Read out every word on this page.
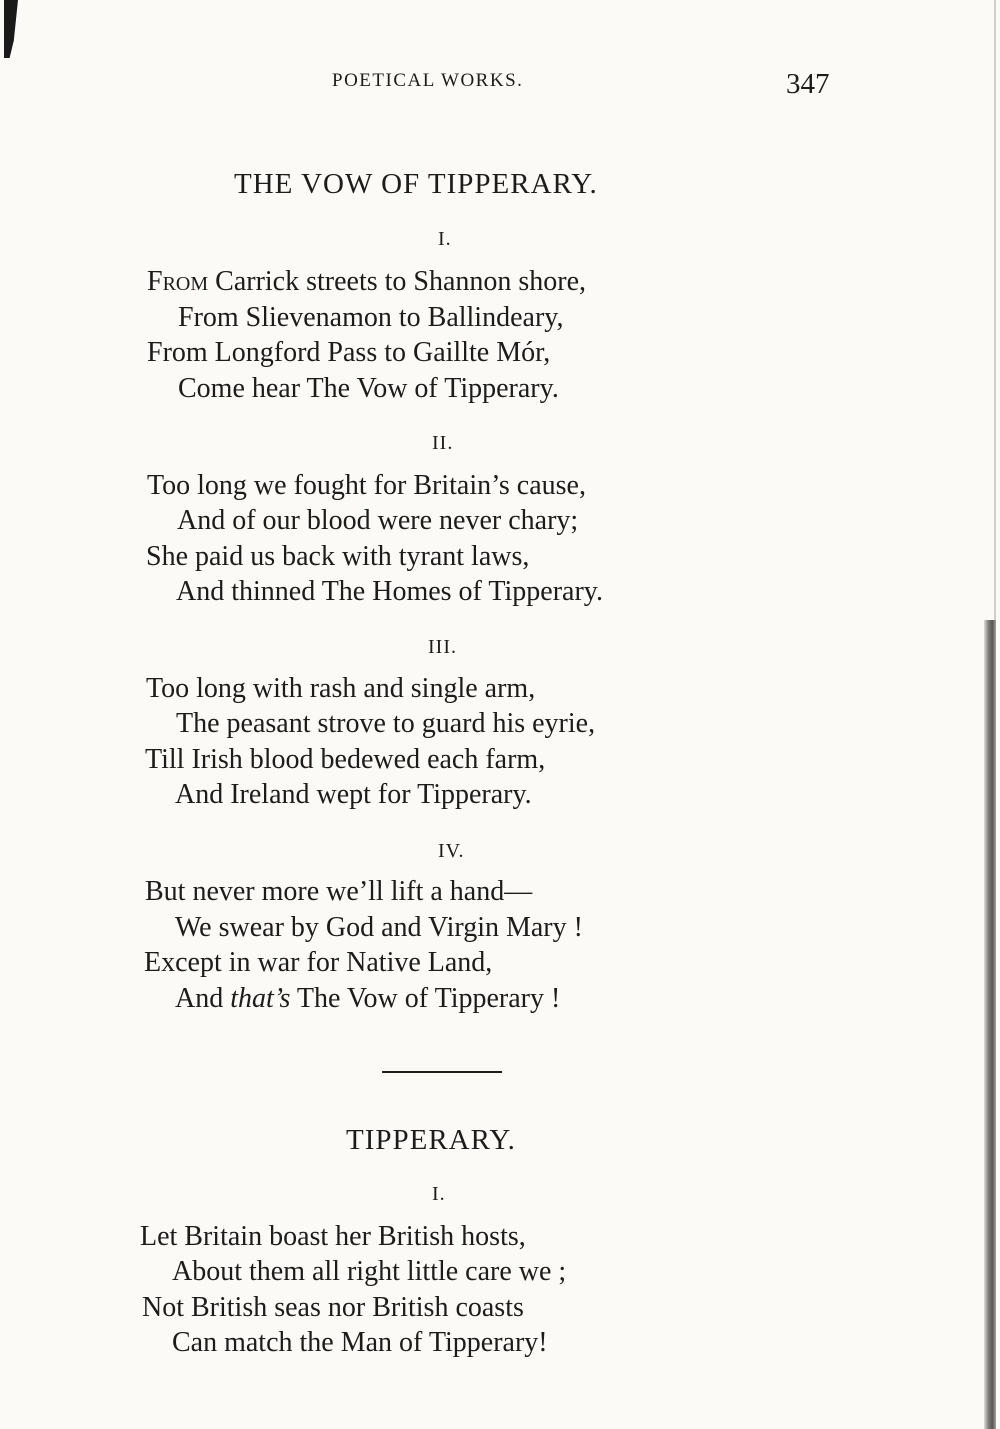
POETICAL WORKS.	347
THE VOW OF TIPPERARY.
I.
From Carrick streets to Shannon shore,
From Slievenamon to Ballindeary,
From Longford Pass to Gaillte Mór,
Come hear The Vow of Tipperary.
II.
Too long we fought for Britain’s cause,
And of our blood were never chary;
She paid us back with tyrant laws,
And thinned The Homes of Tipperary.
III.
Too long with rash and single arm,
The peasant strove to guard his eyrie,
Till Irish blood bedewed each farm,
And Ireland wept for Tipperary.
IV.
But never more we’ll lift a hand—
We swear by God and Virgin Mary !
Except in war for Native Land,
And that’s The Vow of Tipperary !
TIPPERARY.
I.
Let Britain boast her British hosts,
About them all right little care we ;
Not British seas nor British coasts
Can match the Man of Tipperary!
